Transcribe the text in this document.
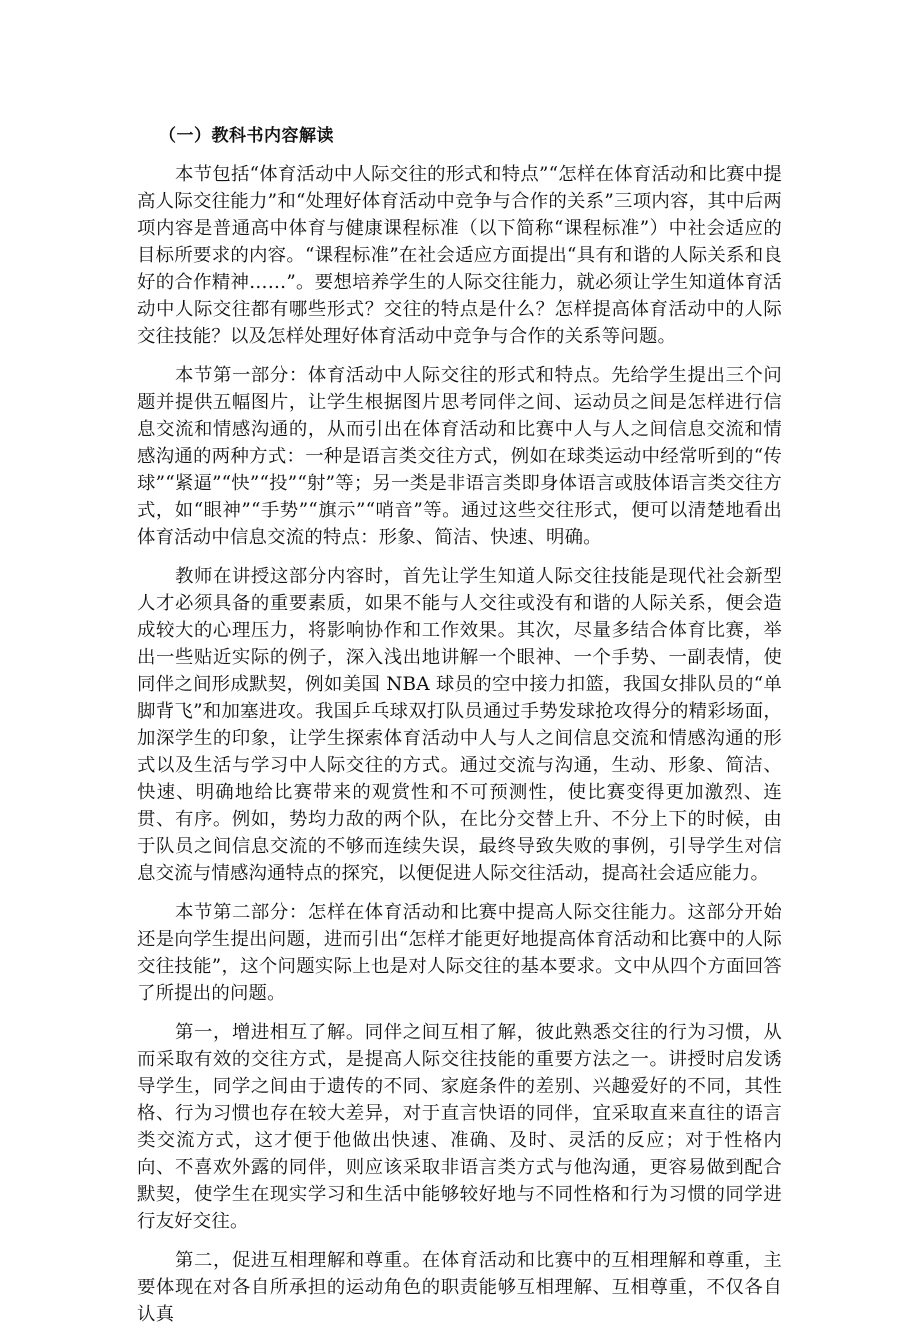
（一）教科书内容解读

本节包括“体育活动中人际交往的形式和特点”“怎样在体育活动和比赛中提高人际交往能力”和“处理好体育活动中竞争与合作的关系”三项内容，其中后两项内容是普通高中体育与健康课程标准（以下简称“课程标准”）中社会适应的目标所要求的内容。“课程标准”在社会适应方面提出“具有和谐的人际关系和良好的合作精神……”。要想培养学生的人际交往能力，就必须让学生知道体育活动中人际交往都有哪些形式？交往的特点是什么？怎样提高体育活动中的人际交往技能？以及怎样处理好体育活动中竞争与合作的关系等问题。

本节第一部分：体育活动中人际交往的形式和特点。先给学生提出三个问题并提供五幅图片，让学生根据图片思考同伴之间、运动员之间是怎样进行信息交流和情感沟通的，从而引出在体育活动和比赛中人与人之间信息交流和情感沟通的两种方式：一种是语言类交往方式，例如在球类运动中经常听到的“传球”“紧逼”“快”“投”“射”等；另一类是非语言类即身体语言或肢体语言类交往方式，如“眼神”“手势”“旗示”“哨音”等。通过这些交往形式，便可以清楚地看出体育活动中信息交流的特点：形象、简洁、快速、明确。

教师在讲授这部分内容时，首先让学生知道人际交往技能是现代社会新型人才必须具备的重要素质，如果不能与人交往或没有和谐的人际关系，便会造成较大的心理压力，将影响协作和工作效果。其次，尽量多结合体育比赛，举出一些贴近实际的例子，深入浅出地讲解一个眼神、一个手势、一副表情，使同伴之间形成默契，例如美国 NBA 球员的空中接力扣篮，我国女排队员的“单脚背飞”和加塞进攻。我国乒乓球双打队员通过手势发球抢攻得分的精彩场面，加深学生的印象，让学生探索体育活动中人与人之间信息交流和情感沟通的形式以及生活与学习中人际交往的方式。通过交流与沟通，生动、形象、简洁、快速、明确地给比赛带来的观赏性和不可预测性，使比赛变得更加激烈、连贯、有序。例如，势均力敌的两个队，在比分交替上升、不分上下的时候，由于队员之间信息交流的不够而连续失误，最终导致失败的事例，引导学生对信息交流与情感沟通特点的探究，以便促进人际交往活动，提高社会适应能力。

本节第二部分：怎样在体育活动和比赛中提高人际交往能力。这部分开始还是向学生提出问题，进而引出“怎样才能更好地提高体育活动和比赛中的人际交往技能”，这个问题实际上也是对人际交往的基本要求。文中从四个方面回答了所提出的问题。

第一，增进相互了解。同伴之间互相了解，彼此熟悉交往的行为习惯，从而采取有效的交往方式，是提高人际交往技能的重要方法之一。讲授时启发诱导学生，同学之间由于遗传的不同、家庭条件的差别、兴趣爱好的不同，其性格、行为习惯也存在较大差异，对于直言快语的同伴，宜采取直来直往的语言类交流方式，这才便于他做出快速、准确、及时、灵活的反应；对于性格内向、不喜欢外露的同伴，则应该采取非语言类方式与他沟通，更容易做到配合默契，使学生在现实学习和生活中能够较好地与不同性格和行为习惯的同学进行友好交往。

第二，促进互相理解和尊重。在体育活动和比赛中的互相理解和尊重，主要体现在对各自所承担的运动角色的职责能够互相理解、互相尊重，不仅各自认真
